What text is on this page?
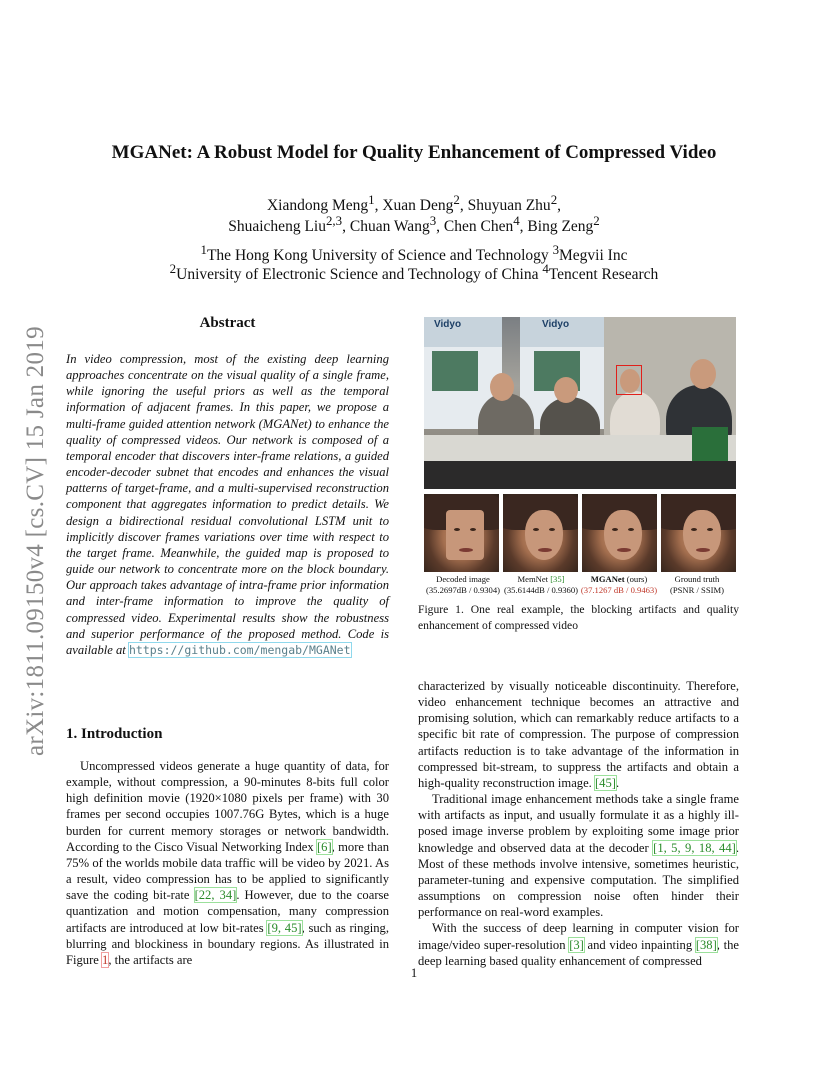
MGANet: A Robust Model for Quality Enhancement of Compressed Video
Xiandong Meng$^1$, Xuan Deng$^2$, Shuyuan Zhu$^2$,
Shuaicheng Liu$^{2,3}$, Chuan Wang$^3$, Chen Chen$^4$, Bing Zeng$^2$
$^1$The Hong Kong University of Science and Technology $^3$Megvii Inc
$^2$University of Electronic Science and Technology of China $^4$Tencent Research
arXiv:1811.09150v4 [cs.CV] 15 Jan 2019
Abstract
In video compression, most of the existing deep learning approaches concentrate on the visual quality of a single frame, while ignoring the useful priors as well as the temporal information of adjacent frames. In this paper, we propose a multi-frame guided attention network (MGANet) to enhance the quality of compressed videos. Our network is composed of a temporal encoder that discovers inter-frame relations, a guided encoder-decoder subnet that encodes and enhances the visual patterns of target-frame, and a multi-supervised reconstruction component that aggregates information to predict details. We design a bidirectional residual convolutional LSTM unit to implicitly discover frames variations over time with respect to the target frame. Meanwhile, the guided map is proposed to guide our network to concentrate more on the block boundary. Our approach takes advantage of intra-frame prior information and inter-frame information to improve the quality of compressed video. Experimental results show the robustness and superior performance of the proposed method. Code is available at https://github.com/mengab/MGANet
1. Introduction

Uncompressed videos generate a huge quantity of data, for example, without compression, a 90-minutes 8-bits full color high definition movie (1920×1080 pixels per frame) with 30 frames per second occupies 1007.76G Bytes, which is a huge burden for current memory storages or network bandwidth. According to the Cisco Visual Networking Index [6], more than 75% of the worlds mobile data traffic will be video by 2021. As a result, video compression has to be applied to significantly save the coding bit-rate [22, 34]. However, due to the coarse quantization and motion compensation, many compression artifacts are introduced at low bit-rates [9, 45], such as ringing, blurring and blockiness in boundary regions. As illustrated in Figure 1, the artifacts are

Vidyo	Vidyo
Decoded image
(35.2697dB / 0.9304)
MemNet [35]
(35.6144dB / 0.9360)
MGANet (ours)
(37.1267 dB / 0.9463)
Ground truth
(PSNR / SSIM)
Figure 1. One real example, the blocking artifacts and quality enhancement of compressed video

characterized by visually noticeable discontinuity. Therefore, video enhancement technique becomes an attractive and promising solution, which can remarkably reduce artifacts to a specific bit rate of compression. The purpose of compression artifacts reduction is to take advantage of the information in compressed bit-stream, to suppress the artifacts and obtain a high-quality reconstruction image. [45].

Traditional image enhancement methods take a single frame with artifacts as input, and usually formulate it as a highly ill-posed image inverse problem by exploiting some image prior knowledge and observed data at the decoder [1, 5, 9, 18, 44]. Most of these methods involve intensive, sometimes heuristic, parameter-tuning and expensive computation. The simplified assumptions on compression noise often hinder their performance on real-word examples.

With the success of deep learning in computer vision for image/video super-resolution [3] and video inpainting [38], the deep learning based quality enhancement of compressed

1
